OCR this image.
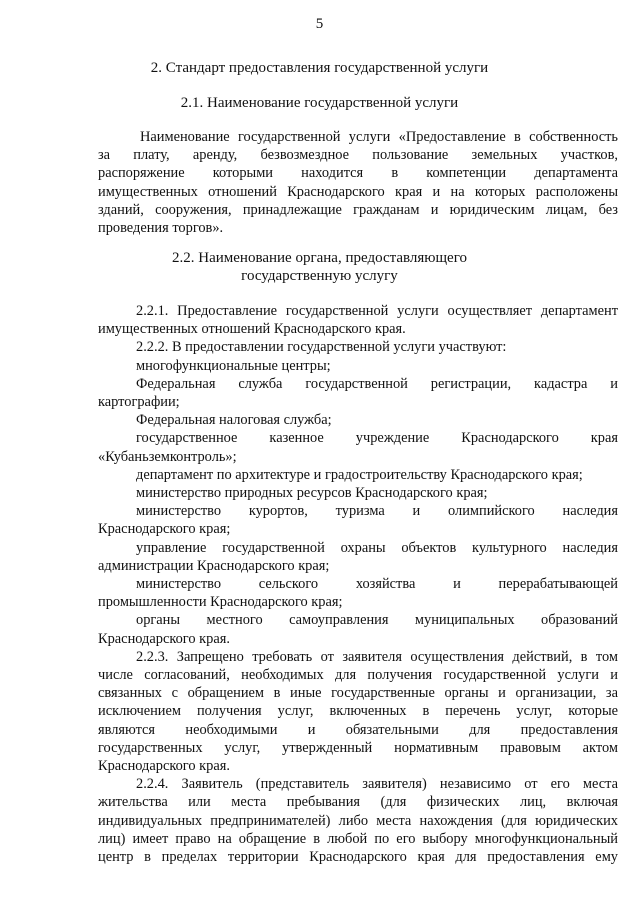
5
2. Стандарт предоставления государственной услуги
2.1. Наименование государственной услуги
Наименование государственной услуги «Предоставление в собственность
за плату, аренду, безвозмездное пользование земельных участков,
распоряжение которыми находится в компетенции департамента
имущественных отношений Краснодарского края и на которых расположены
зданий, сооружения, принадлежащие гражданам и юридическим лицам, без
проведения торгов».
2.2. Наименование органа, предоставляющего
государственную услугу
2.2.1. Предоставление государственной услуги осуществляет департамент
имущественных отношений Краснодарского края.
2.2.2. В предоставлении государственной услуги участвуют:
многофункциональные центры;
Федеральная служба государственной регистрации, кадастра и
картографии;
Федеральная налоговая служба;
государственное казенное учреждение Краснодарского края
«Кубаньземконтроль»;
департамент по архитектуре и градостроительству Краснодарского края;
министерство природных ресурсов Краснодарского края;
министерство курортов, туризма и олимпийского наследия
Краснодарского края;
управление государственной охраны объектов культурного наследия
администрации Краснодарского края;
министерство сельского хозяйства и перерабатывающей
промышленности Краснодарского края;
органы местного самоуправления муниципальных образований
Краснодарского края.
2.2.3. Запрещено требовать от заявителя осуществления действий, в том
числе согласований, необходимых для получения государственной услуги и
связанных с обращением в иные государственные органы и организации, за
исключением получения услуг, включенных в перечень услуг, которые
являются необходимыми и обязательными для предоставления
государственных услуг, утвержденный нормативным правовым актом
Краснодарского края.
2.2.4. Заявитель (представитель заявителя) независимо от его места
жительства или места пребывания (для физических лиц, включая
индивидуальных предпринимателей) либо места нахождения (для юридических
лиц) имеет право на обращение в любой по его выбору многофункциональный
центр в пределах территории Краснодарского края для предоставления ему
